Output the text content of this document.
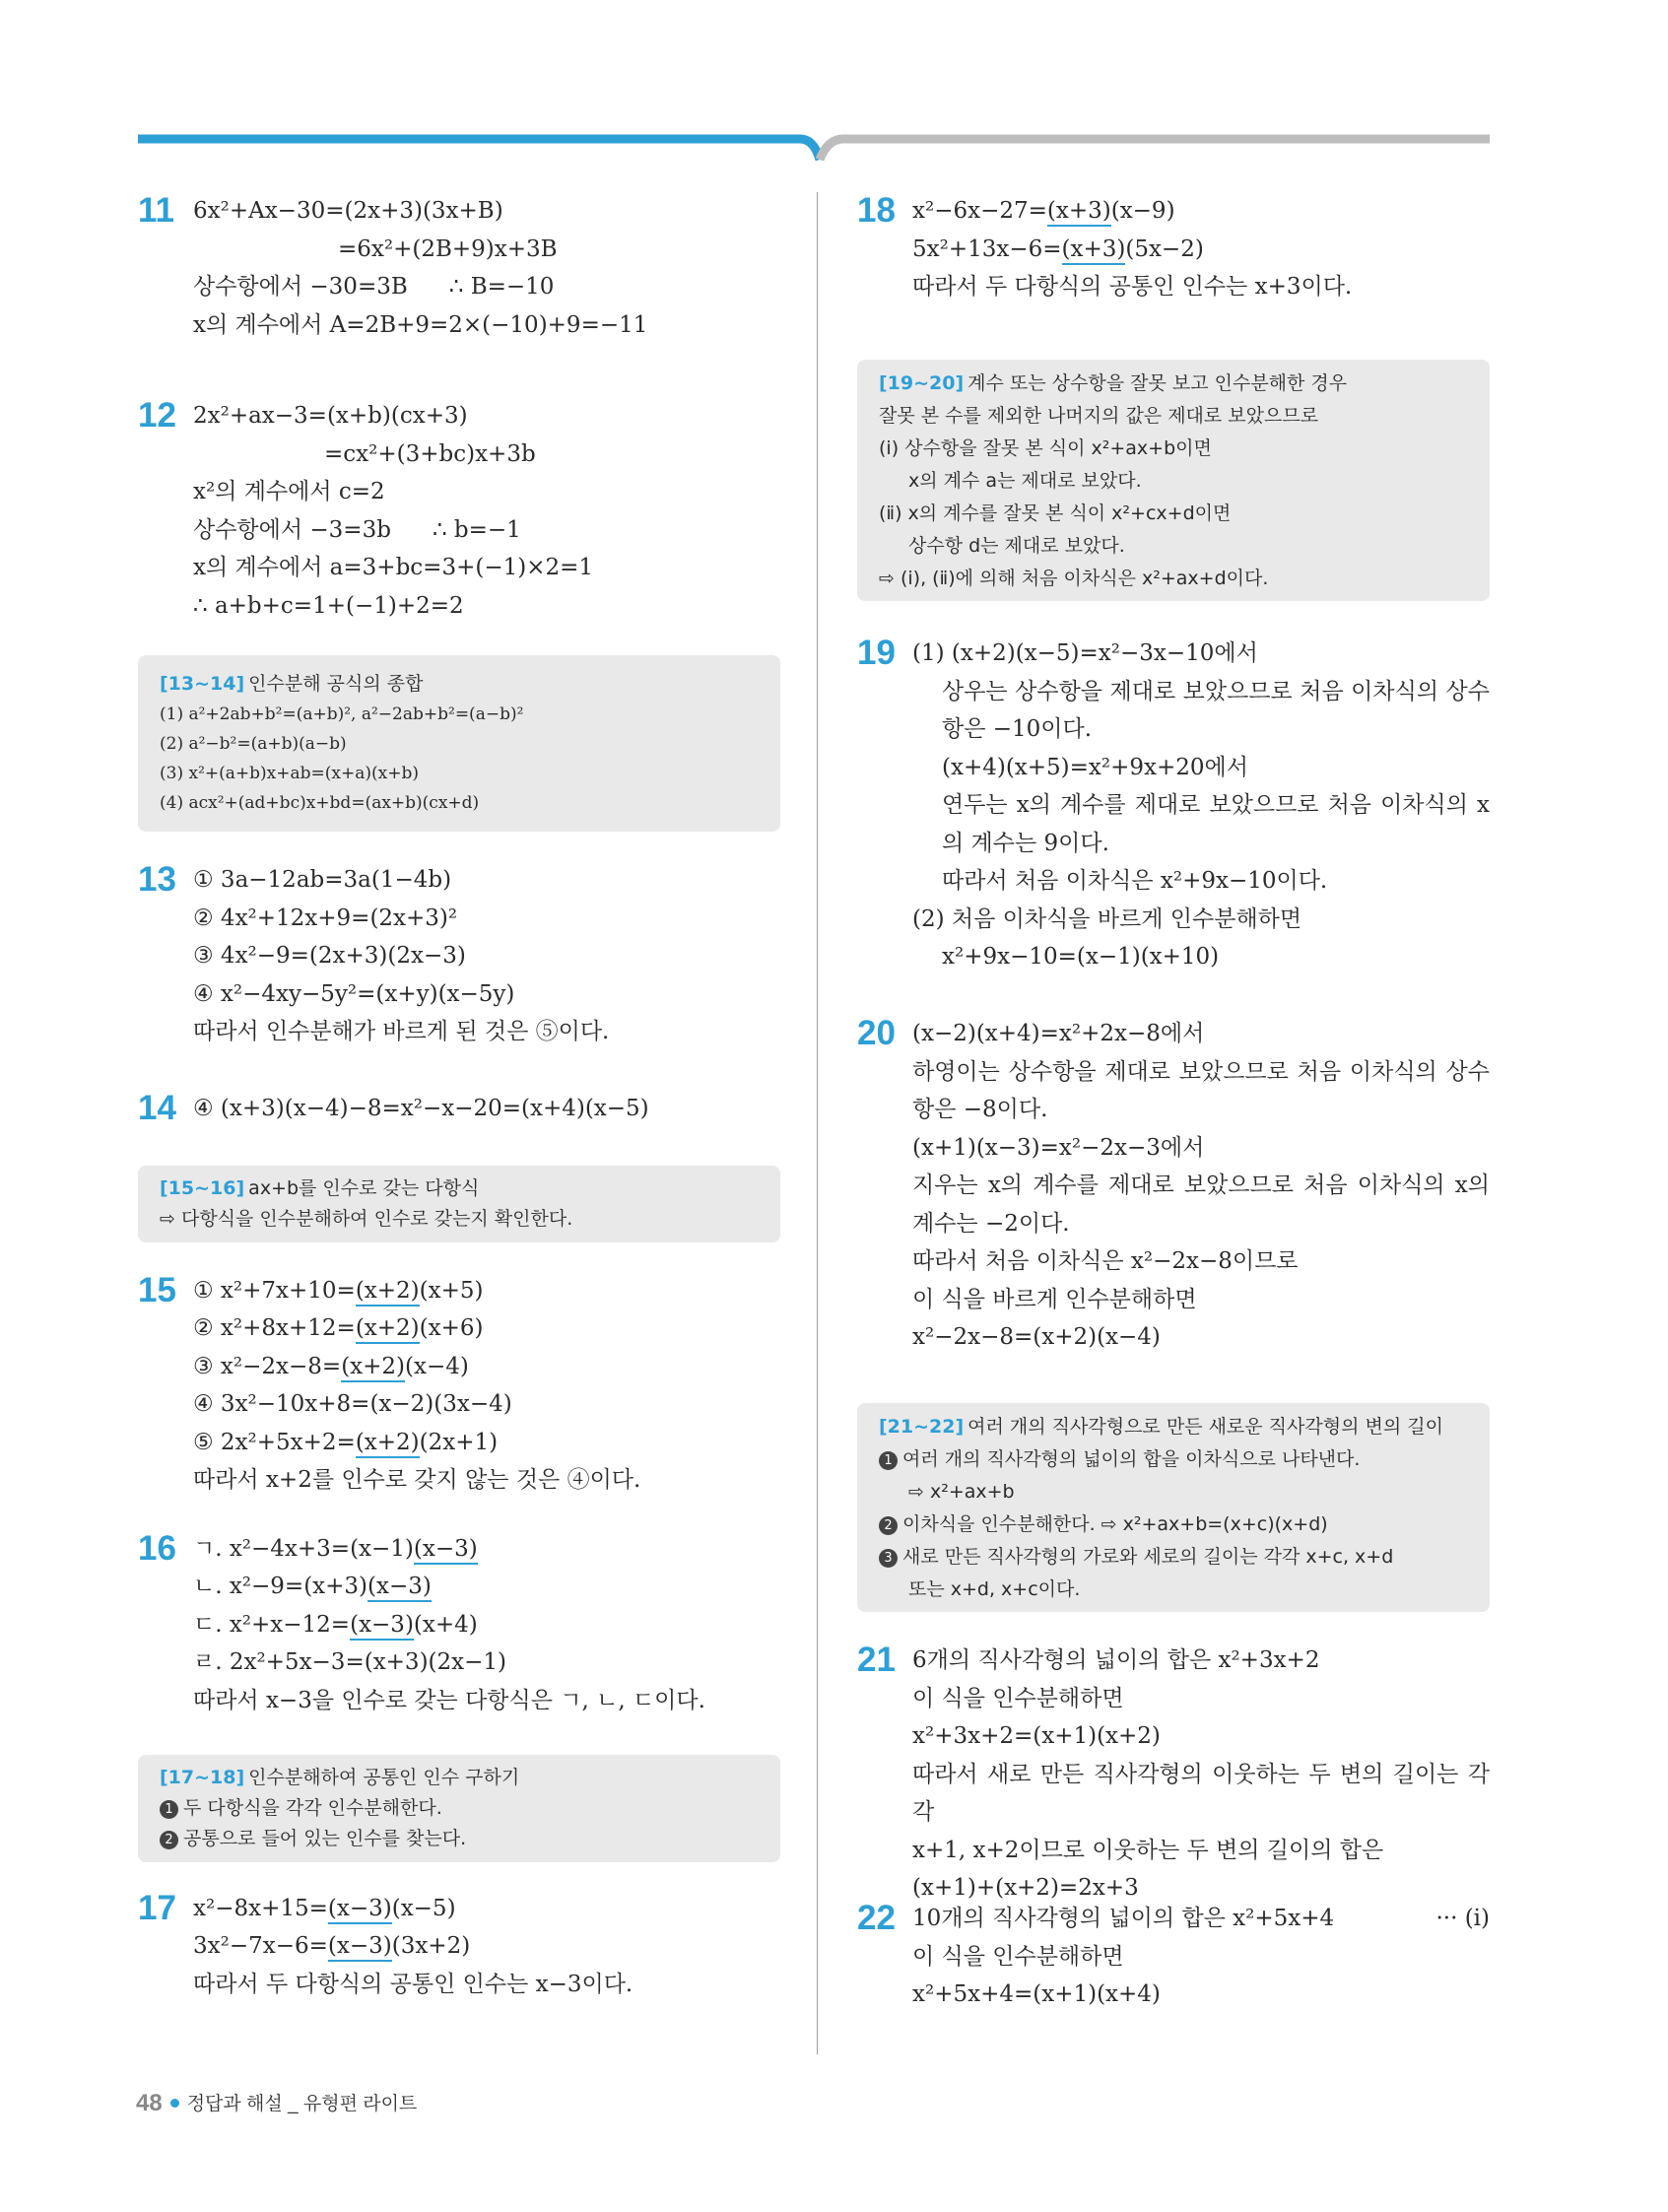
11 6x²+Ax−30=(2x+3)(3x+B)
=6x²+(2B+9)x+3B
상수항에서 −30=3B ∴ B=−10
x의 계수에서 A=2B+9=2×(−10)+9=−11
12 2x²+ax−3=(x+b)(cx+3)
=cx²+(3+bc)x+3b
x²의 계수에서 c=2
상수항에서 −3=3b ∴ b=−1
x의 계수에서 a=3+bc=3+(−1)×2=1
∴ a+b+c=1+(−1)+2=2
[13~14] 인수분해 공식의 종합
(1) a²+2ab+b²=(a+b)², a²−2ab+b²=(a−b)²
(2) a²−b²=(a+b)(a−b)
(3) x²+(a+b)x+ab=(x+a)(x+b)
(4) acx²+(ad+bc)x+bd=(ax+b)(cx+d)
13 ① 3a−12ab=3a(1−4b)
② 4x²+12x+9=(2x+3)²
③ 4x²−9=(2x+3)(2x−3)
④ x²−4xy−5y²=(x+y)(x−5y)
따라서 인수분해가 바르게 된 것은 ⑤이다.
14 ④ (x+3)(x−4)−8=x²−x−20=(x+4)(x−5)
[15~16] ax+b를 인수로 갖는 다항식
⇨ 다항식을 인수분해하여 인수로 갖는지 확인한다.
15 ① x²+7x+10=(x+2)(x+5)
② x²+8x+12=(x+2)(x+6)
③ x²−2x−8=(x+2)(x−4)
④ 3x²−10x+8=(x−2)(3x−4)
⑤ 2x²+5x+2=(x+2)(2x+1)
따라서 x+2를 인수로 갖지 않는 것은 ④이다.
16 ㄱ. x²−4x+3=(x−1)(x−3)
ㄴ. x²−9=(x+3)(x−3)
ㄷ. x²+x−12=(x−3)(x+4)
ㄹ. 2x²+5x−3=(x+3)(2x−1)
따라서 x−3을 인수로 갖는 다항식은 ㄱ, ㄴ, ㄷ이다.
[17~18] 인수분해하여 공통인 인수 구하기
1 두 다항식을 각각 인수분해한다.
2 공통으로 들어 있는 인수를 찾는다.
17 x²−8x+15=(x−3)(x−5)
3x²−7x−6=(x−3)(3x+2)
따라서 두 다항식의 공통인 인수는 x−3이다.
18 x²−6x−27=(x+3)(x−9)
5x²+13x−6=(x+3)(5x−2)
따라서 두 다항식의 공통인 인수는 x+3이다.
[19~20] 계수 또는 상수항을 잘못 보고 인수분해한 경우
잘못 본 수를 제외한 나머지의 값은 제대로 보았으므로
(ⅰ) 상수항을 잘못 본 식이 x²+ax+b이면
x의 계수 a는 제대로 보았다.
(ⅱ) x의 계수를 잘못 본 식이 x²+cx+d이면
상수항 d는 제대로 보았다.
⇨ (ⅰ), (ⅱ)에 의해 처음 이차식은 x²+ax+d이다.
19 (1) (x+2)(x−5)=x²−3x−10에서
상우는 상수항을 제대로 보았으므로 처음 이차식의 상수
항은 −10이다.
(x+4)(x+5)=x²+9x+20에서
연두는 x의 계수를 제대로 보았으므로 처음 이차식의 x
의 계수는 9이다.
따라서 처음 이차식은 x²+9x−10이다.
(2) 처음 이차식을 바르게 인수분해하면
x²+9x−10=(x−1)(x+10)
20 (x−2)(x+4)=x²+2x−8에서
하영이는 상수항을 제대로 보았으므로 처음 이차식의 상수
항은 −8이다.
(x+1)(x−3)=x²−2x−3에서
지우는 x의 계수를 제대로 보았으므로 처음 이차식의 x의
계수는 −2이다.
따라서 처음 이차식은 x²−2x−8이므로
이 식을 바르게 인수분해하면
x²−2x−8=(x+2)(x−4)
[21~22] 여러 개의 직사각형으로 만든 새로운 직사각형의 변의 길이
1 여러 개의 직사각형의 넓이의 합을 이차식으로 나타낸다.
⇨ x²+ax+b
2 이차식을 인수분해한다. ⇨ x²+ax+b=(x+c)(x+d)
3 새로 만든 직사각형의 가로와 세로의 길이는 각각 x+c, x+d
또는 x+d, x+c이다.
21 6개의 직사각형의 넓이의 합은 x²+3x+2
이 식을 인수분해하면
x²+3x+2=(x+1)(x+2)
따라서 새로 만든 직사각형의 이웃하는 두 변의 길이는 각각
x+1, x+2이므로 이웃하는 두 변의 길이의 합은
(x+1)+(x+2)=2x+3
22 10개의 직사각형의 넓이의 합은 x²+5x+4	··· (ⅰ)
이 식을 인수분해하면
x²+5x+4=(x+1)(x+4)
48 정답과 해설 _ 유형편 라이트
